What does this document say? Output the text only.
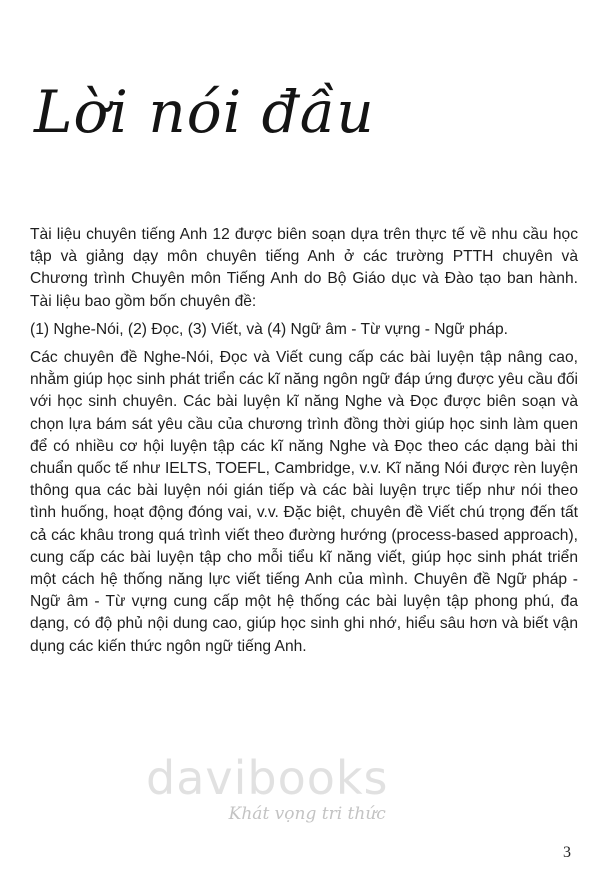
Lời nói đầu

Tài liệu chuyên tiếng Anh 12 được biên soạn dựa trên thực tế về nhu cầu học tập và giảng dạy môn chuyên tiếng Anh ở các trường PTTH chuyên và Chương trình Chuyên môn Tiếng Anh do Bộ Giáo dục và Đào tạo ban hành. Tài liệu bao gồm bốn chuyên đề:

(1) Nghe-Nói, (2) Đọc, (3) Viết, và (4) Ngữ âm - Từ vựng - Ngữ pháp.

Các chuyên đề Nghe-Nói, Đọc và Viết cung cấp các bài luyện tập nâng cao, nhằm giúp học sinh phát triển các kĩ năng ngôn ngữ đáp ứng được yêu cầu đối với học sinh chuyên. Các bài luyện kĩ năng Nghe và Đọc được biên soạn và chọn lựa bám sát yêu cầu của chương trình đồng thời giúp học sinh làm quen để có nhiều cơ hội luyện tập các kĩ năng Nghe và Đọc theo các dạng bài thi chuẩn quốc tế như IELTS, TOEFL, Cambridge, v.v. Kĩ năng Nói được rèn luyện thông qua các bài luyện nói gián tiếp và các bài luyện trực tiếp như nói theo tình huống, hoạt động đóng vai, v.v. Đặc biệt, chuyên đề Viết chú trọng đến tất cả các khâu trong quá trình viết theo đường hướng (process-based approach), cung cấp các bài luyện tập cho mỗi tiểu kĩ năng viết, giúp học sinh phát triển một cách hệ thống năng lực viết tiếng Anh của mình. Chuyên đề Ngữ pháp - Ngữ âm - Từ vựng cung cấp một hệ thống các bài luyện tập phong phú, đa dạng, có độ phủ nội dung cao, giúp học sinh ghi nhớ, hiểu sâu hơn và biết vận dụng các kiến thức ngôn ngữ tiếng Anh.

davibooks
Khát vọng tri thức
3
